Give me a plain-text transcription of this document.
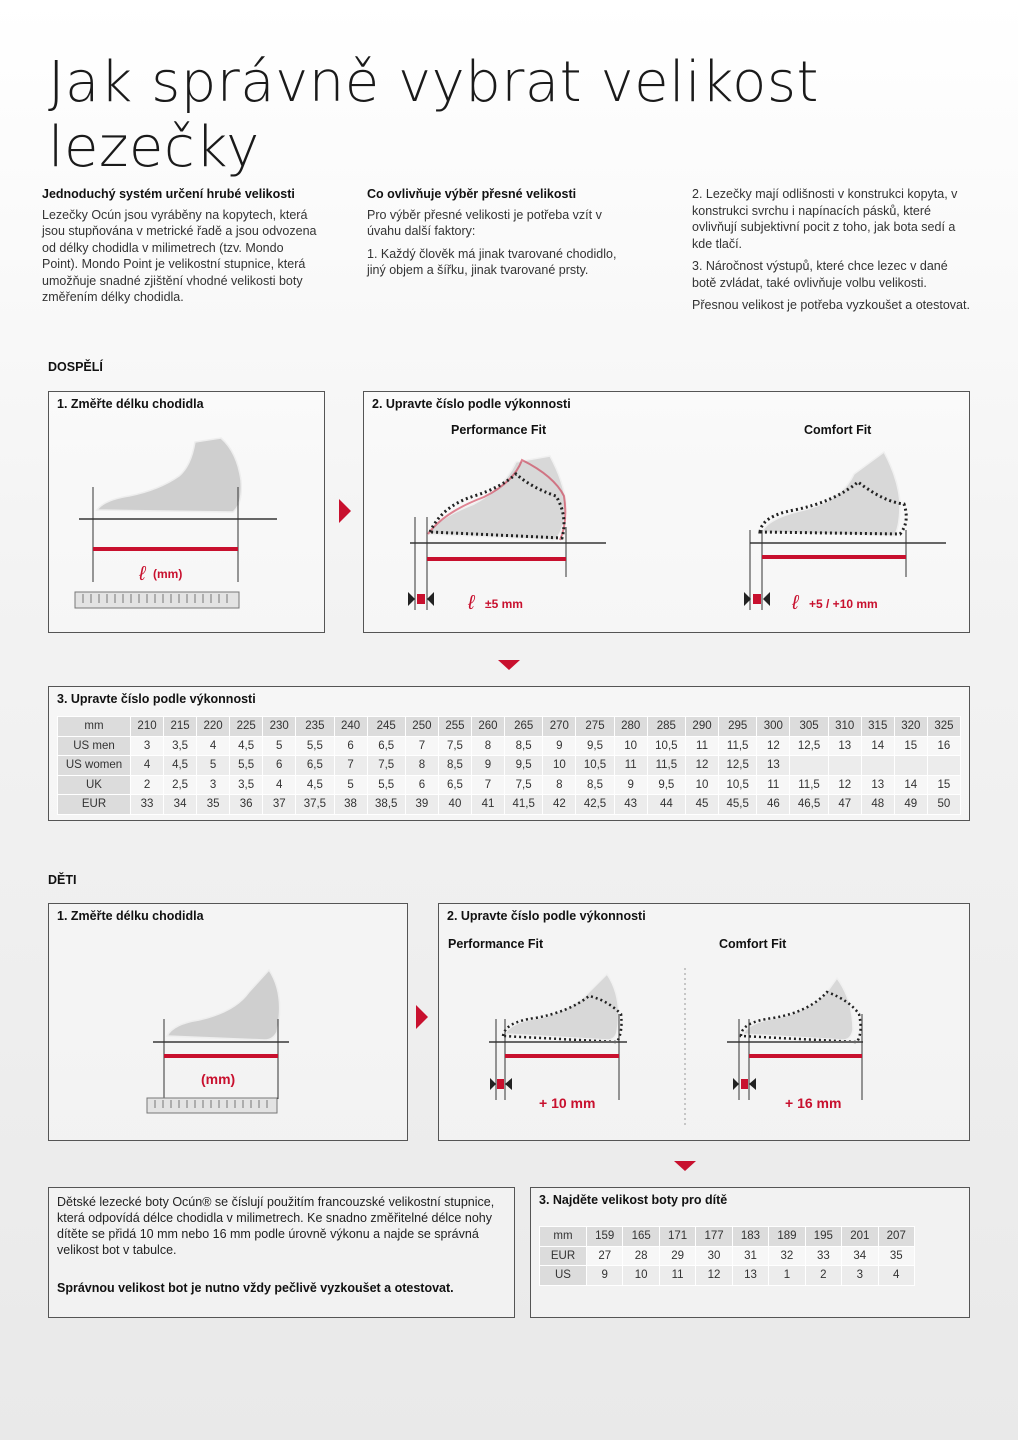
Jak správně vybrat velikost lezečky
Jednoduchý systém určení hrubé velikosti

Lezečky Ocún jsou vyráběny na kopytech, která jsou stupňována v metrické řadě a jsou odvozena od délky chodidla v milimetrech (tzv. Mondo Point). Mondo Point je velikostní stupnice, která umožňuje snadné zjištění vhodné velikosti boty změřením délky chodidla.

Co ovlivňuje výběr přesné velikosti

Pro výběr přesné velikosti je potřeba vzít v úvahu další faktory:

1. Každý člověk má jinak tvarované chodidlo, jiný objem a šířku, jinak tvarované prsty.

2. Lezečky mají odlišnosti v konstrukci kopyta, v konstrukci svrchu i napínacích pásků, které ovlivňují subjektivní pocit z toho, jak bota sedí a kde tlačí.

3. Náročnost výstupů, které chce lezec v dané botě zvládat, také ovlivňuje volbu velikosti.

Přesnou velikost je potřeba vyzkoušet a otestovat.

DOSPĚLÍ
1. Změřte délku chodidla
ℓ (mm)
2. Upravte číslo podle výkonnosti
Performance Fit	Comfort Fit
ℓ ±5 mm	ℓ +5 / +10 mm
3. Upravte číslo podle výkonnosti
mm	210	215	220	225	230	235	240	245	250	255	260	265	270	275	280	285	290	295	300	305	310	315	320	325
US men	3	3,5	4	4,5	5	5,5	6	6,5	7	7,5	8	8,5	9	9,5	10	10,5	11	11,5	12	12,5	13	14	15	16
US women	4	4,5	5	5,5	6	6,5	7	7,5	8	8,5	9	9,5	10	10,5	11	11,5	12	12,5	13					
UK	2	2,5	3	3,5	4	4,5	5	5,5	6	6,5	7	7,5	8	8,5	9	9,5	10	10,5	11	11,5	12	13	14	15
EUR	33	34	35	36	37	37,5	38	38,5	39	40	41	41,5	42	42,5	43	44	45	45,5	46	46,5	47	48	49	50
DĚTI
1. Změřte délku chodidla
(mm)
2. Upravte číslo podle výkonnosti
Performance Fit	Comfort Fit
+ 10 mm	+ 16 mm

Dětské lezecké boty Ocún® se číslují použitím francouzské velikostní stupnice, která odpovídá délce chodidla v milimetrech. Ke snadno změřitelné délce nohy dítěte se přidá 10 mm nebo 16 mm podle úrovně výkonu a najde se správná velikost bot v tabulce.

Správnou velikost bot je nutno vždy pečlivě vyzkoušet a otestovat.

3. Najděte velikost boty pro dítě
mm	159	165	171	177	183	189	195	201	207
EUR	27	28	29	30	31	32	33	34	35
US	9	10	11	12	13	1	2	3	4
